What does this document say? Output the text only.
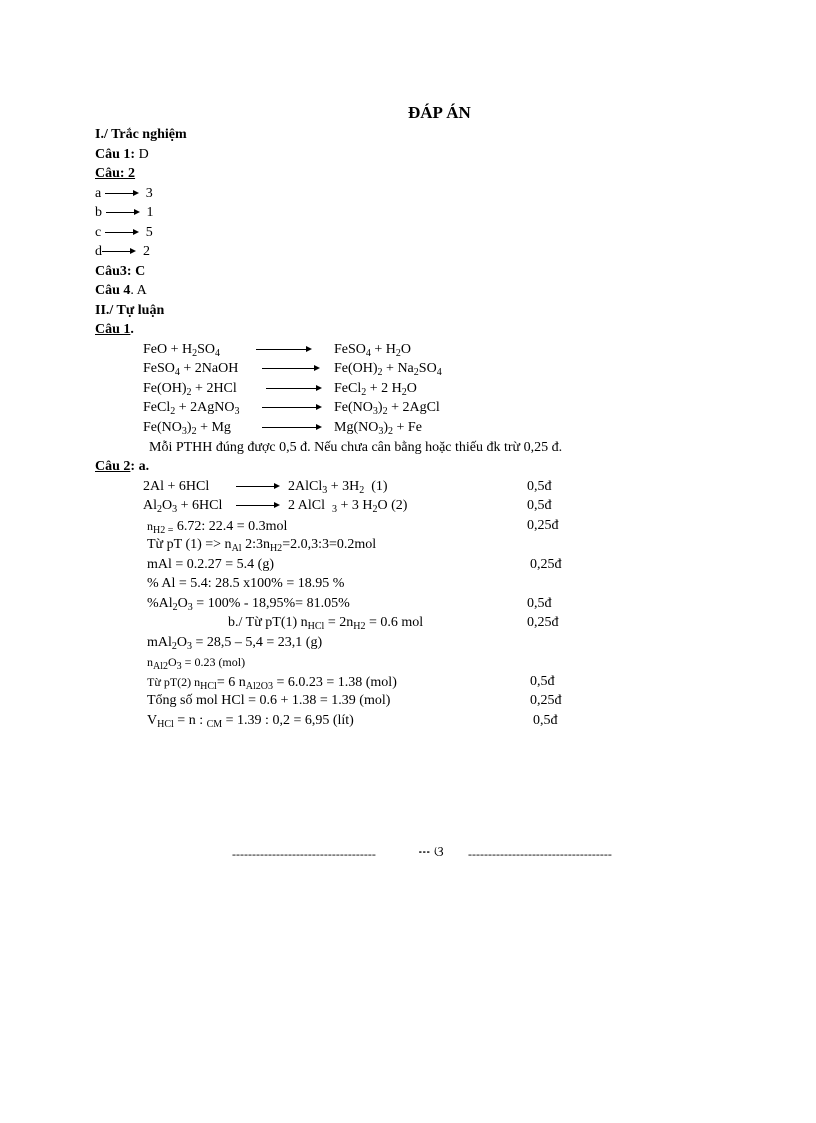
ĐÁP ÁN
I./ Trắc nghiệm
Câu 1: D
Câu: 2
a	3
b	1
c	5
d	2
Câu3: C
Câu 4. A
II./ Tự luận
Câu 1.
FeO + $H_2SO_4$	FeSO$_4$ + $H_2O$
FeSO$_4$ + 2NaOH	$Fe(OH)_2 + Na_2SO_4$
$Fe(OH)_2 + 2HCl$	FeCl$_2$ + 2 $H_2O$
FeCl$_2$ + 2AgNO$_3$	$Fe(NO_3)_2$ + 2AgCl
$Fe(NO_3)_2 + Mg$	$Mg(NO_3)_2 + Fe$
Mỗi PTHH đúng được 0,5 đ. Nếu chưa cân bằng hoặc thiếu đk trừ 0,25 đ.
Câu 2: a.
2Al + 6HCl	2AlCl$_3$ + $3H_2$  (1)	0,5đ
$Al_2O_3 + 6HCl$	2 AlCl  $_3$ + 3 $H_2O$ (2)	0,5đ
$n_{H2 =}$ 6.72: 22.4 = 0.3mol	0,25đ
Từ pT $(1) => n_{Al}$ $2:3n_{H2}=2.0,3:3=0.2mol$
mAl = 0.2.27 = 5.4 (g)	0,25đ
% Al = 5.4: 28.5 x100% = 18.95 %
$\%Al_2O_3 = 100\% - 18,95\%= 81.05\%$	0,5đ
b./ Từ pT(1) $n_{HCl} = 2n_{H2} = 0.6$ mol	0,25đ
$mAl_2O_3 = 28,5 - 5,4 = 23,1$ (g)
$n_{Al2}O_3 = 0.23$ (mol)
Từ pT(2) $n_{HCl}= 6$ $n_{Al2O3} = 6.0.23 = 1.38$ (mol)	0,5đ
Tổng số mol HCl = 0.6 + 1.38 = 1.39 (mol)	0,25đ
$V_{HCl} = n$ : $_{CM}$ = 1.39 : 0,2 = 6,95 (lít)	0,5đ
------------------------------------	𝌀 ଓ ------------------------------------
